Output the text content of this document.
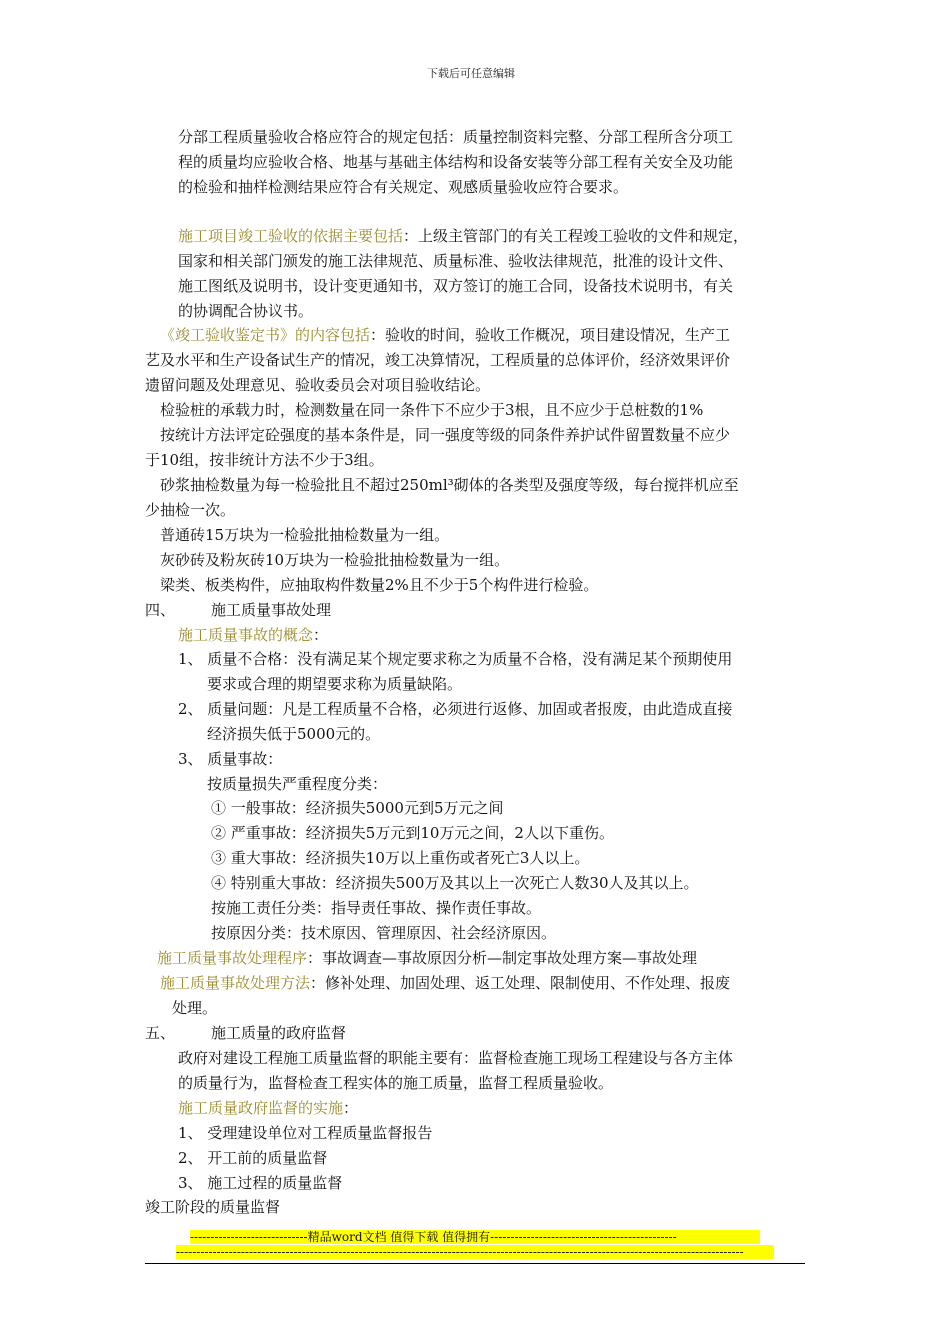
下载后可任意编辑
分部工程质量验收合格应符合的规定包括：质量控制资料完整、分部工程所含分项工
程的质量均应验收合格、地基与基础主体结构和设备安装等分部工程有关安全及功能
的检验和抽样检测结果应符合有关规定、观感质量验收应符合要求。
施工项目竣工验收的依据主要包括：上级主管部门的有关工程竣工验收的文件和规定，
国家和相关部门颁发的施工法律规范、质量标准、验收法律规范，批准的设计文件、
施工图纸及说明书，设计变更通知书，双方签订的施工合同，设备技术说明书，有关
的协调配合协议书。
《竣工验收鉴定书》的内容包括：验收的时间，验收工作概况，项目建设情况，生产工
艺及水平和生产设备试生产的情况，竣工决算情况，工程质量的总体评价，经济效果评价
遗留问题及处理意见、验收委员会对项目验收结论。
检验桩的承载力时，检测数量在同一条件下不应少于3根，且不应少于总桩数的1%
按统计方法评定砼强度的基本条件是，同一强度等级的同条件养护试件留置数量不应少
于10组，按非统计方法不少于3组。
砂浆抽检数量为每一检验批且不超过250ml³砌体的各类型及强度等级，每台搅拌机应至
少抽检一次。
普通砖15万块为一检验批抽检数量为一组。
灰砂砖及粉灰砖10万块为一检验批抽检数量为一组。
梁类、板类构件，应抽取构件数量2%且不少于5个构件进行检验。
四、 施工质量事故处理
施工质量事故的概念：
1、 质量不合格：没有满足某个规定要求称之为质量不合格，没有满足某个预期使用
要求或合理的期望要求称为质量缺陷。
2、 质量问题：凡是工程质量不合格，必须进行返修、加固或者报废，由此造成直接
经济损失低于5000元的。
3、 质量事故：
按质量损失严重程度分类：
① 一般事故：经济损失5000元到5万元之间
② 严重事故：经济损失5万元到10万元之间，2人以下重伤。
③ 重大事故：经济损失10万以上重伤或者死亡3人以上。
④ 特别重大事故：经济损失500万及其以上一次死亡人数30人及其以上。
按施工责任分类：指导责任事故、操作责任事故。
按原因分类：技术原因、管理原因、社会经济原因。
施工质量事故处理程序：事故调查—事故原因分析—制定事故处理方案—事故处理
施工质量事故处理方法：修补处理、加固处理、返工处理、限制使用、不作处理、报废
处理。
五、 施工质量的政府监督
政府对建设工程施工质量监督的职能主要有：监督检查施工现场工程建设与各方主体
的质量行为，监督检查工程实体的施工质量，监督工程质量验收。
施工质量政府监督的实施：
1、 受理建设单位对工程质量监督报告
2、 开工前的质量监督
3、 施工过程的质量监督
竣工阶段的质量监督
-----------------------------精品word文档 值得下载 值得拥有----------------------------------------------
--------------------------------------------------------------------------------------------------------------------------------------------
